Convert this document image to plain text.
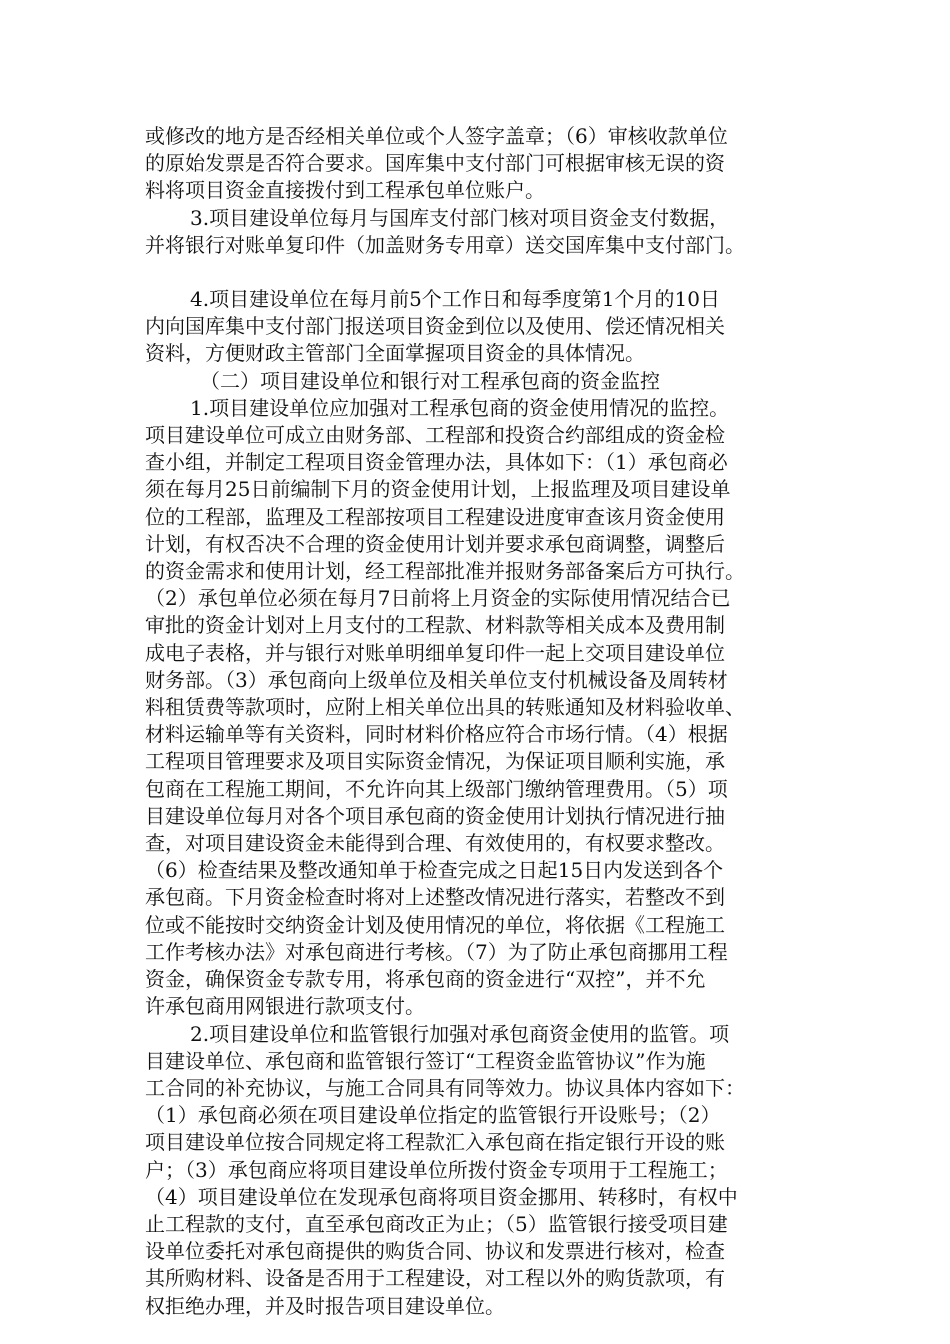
或修改的地方是否经相关单位或个人签字盖章；（6）审核收款单位

的原始发票是否符合要求。国库集中支付部门可根据审核无误的资

料将项目资金直接拨付到工程承包单位账户。

3.项目建设单位每月与国库支付部门核对项目资金支付数据，

并将银行对账单复印件（加盖财务专用章）送交国库集中支付部门。

4.项目建设单位在每月前5个工作日和每季度第1个月的10日

内向国库集中支付部门报送项目资金到位以及使用、偿还情况相关

资料，方便财政主管部门全面掌握项目资金的具体情况。

（二）项目建设单位和银行对工程承包商的资金监控

1.项目建设单位应加强对工程承包商的资金使用情况的监控。

项目建设单位可成立由财务部、工程部和投资合约部组成的资金检

查小组，并制定工程项目资金管理办法，具体如下：（1）承包商必

须在每月25日前编制下月的资金使用计划，上报监理及项目建设单

位的工程部，监理及工程部按项目工程建设进度审查该月资金使用

计划，有权否决不合理的资金使用计划并要求承包商调整，调整后

的资金需求和使用计划，经工程部批准并报财务部备案后方可执行。

（2）承包单位必须在每月7日前将上月资金的实际使用情况结合已

审批的资金计划对上月支付的工程款、材料款等相关成本及费用制

成电子表格，并与银行对账单明细单复印件一起上交项目建设单位

财务部。（3）承包商向上级单位及相关单位支付机械设备及周转材

料租赁费等款项时，应附上相关单位出具的转账通知及材料验收单、

材料运输单等有关资料，同时材料价格应符合市场行情。（4）根据

工程项目管理要求及项目实际资金情况，为保证项目顺利实施，承

包商在工程施工期间，不允许向其上级部门缴纳管理费用。（5）项

目建设单位每月对各个项目承包商的资金使用计划执行情况进行抽

查，对项目建设资金未能得到合理、有效使用的，有权要求整改。

（6）检查结果及整改通知单于检查完成之日起15日内发送到各个

承包商。下月资金检查时将对上述整改情况进行落实，若整改不到

位或不能按时交纳资金计划及使用情况的单位，将依据《工程施工

工作考核办法》对承包商进行考核。（7）为了防止承包商挪用工程

资金，确保资金专款专用，将承包商的资金进行“双控”，并不允

许承包商用网银进行款项支付。

2.项目建设单位和监管银行加强对承包商资金使用的监管。项

目建设单位、承包商和监管银行签订“工程资金监管协议”作为施

工合同的补充协议，与施工合同具有同等效力。协议具体内容如下：

（1）承包商必须在项目建设单位指定的监管银行开设账号；（2）

项目建设单位按合同规定将工程款汇入承包商在指定银行开设的账

户；（3）承包商应将项目建设单位所拨付资金专项用于工程施工；

（4）项目建设单位在发现承包商将项目资金挪用、转移时，有权中

止工程款的支付，直至承包商改正为止；（5）监管银行接受项目建

设单位委托对承包商提供的购货合同、协议和发票进行核对，检查

其所购材料、设备是否用于工程建设，对工程以外的购货款项，有

权拒绝办理，并及时报告项目建设单位。
